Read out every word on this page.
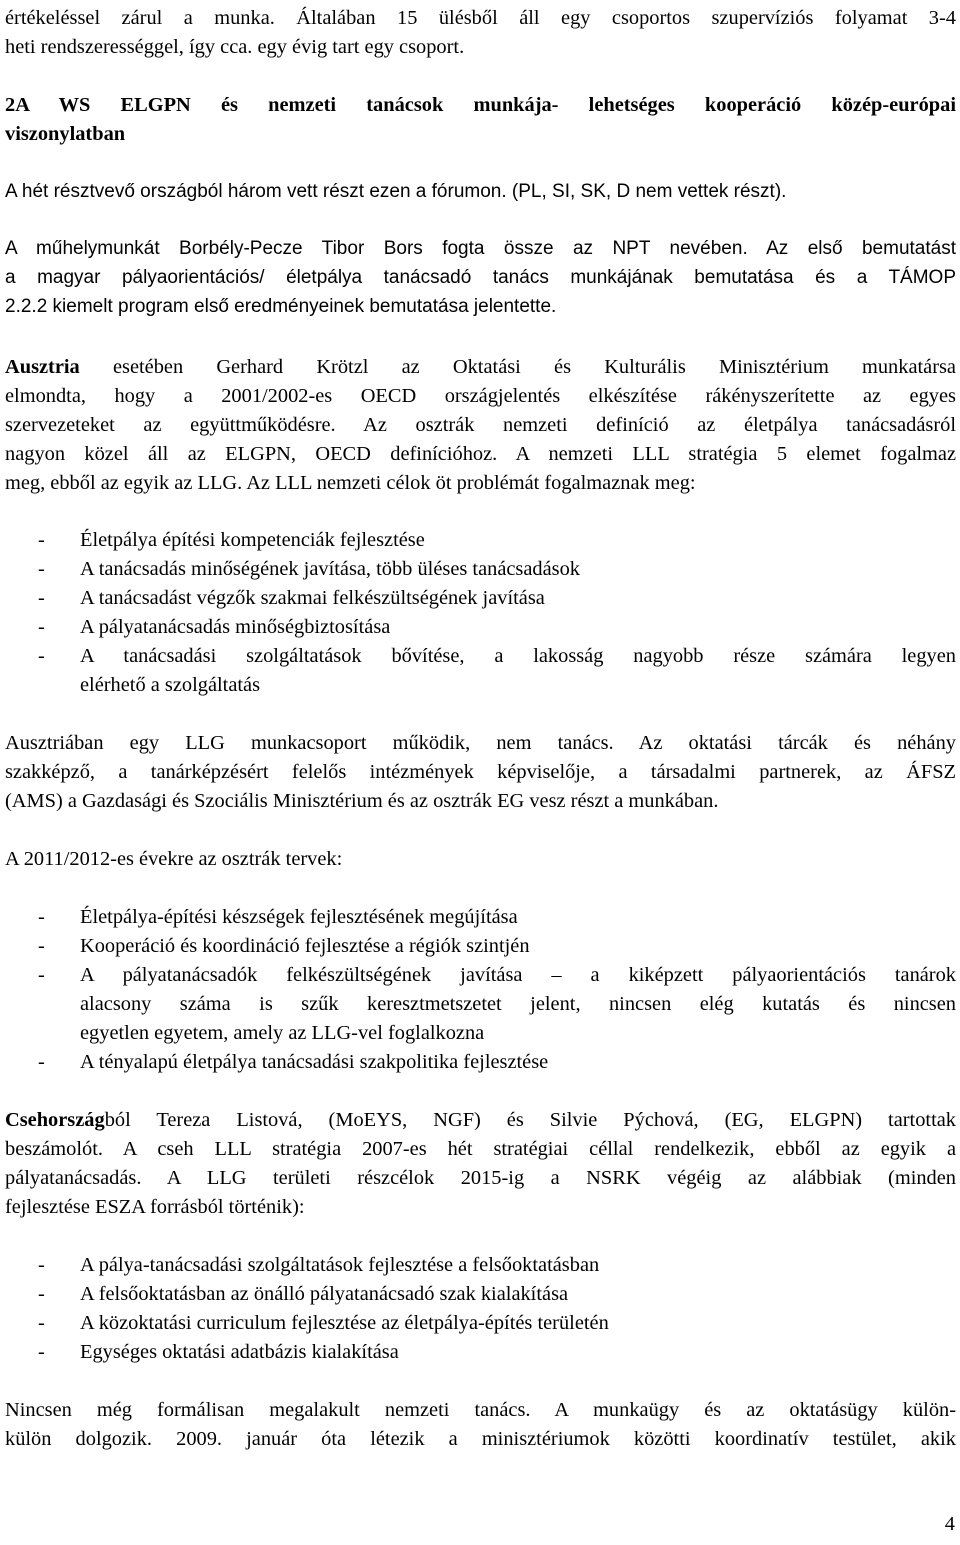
értékeléssel zárul a munka. Általában 15 ülésből áll egy csoportos szupervíziós folyamat 3-4
heti rendszerességgel, így cca. egy évig tart egy csoport.
2A WS ELGPN és nemzeti tanácsok munkája- lehetséges kooperáció közép-európai
viszonylatban
A hét résztvevő országból három vett részt ezen a fórumon. (PL, SI, SK, D nem vettek részt).
A műhelymunkát Borbély-Pecze Tibor Bors fogta össze az NPT nevében. Az első bemutatást
a magyar pályaorientációs/ életpálya tanácsadó tanács munkájának bemutatása és a TÁMOP
2.2.2 kiemelt program első eredményeinek bemutatása jelentette.
Ausztria esetében Gerhard Krötzl az Oktatási és Kulturális Minisztérium munkatársa
elmondta, hogy a 2001/2002-es OECD országjelentés elkészítése rákényszerítette az egyes
szervezeteket az együttműködésre. Az osztrák nemzeti definíció az életpálya tanácsadásról
nagyon közel áll az ELGPN, OECD definícióhoz. A nemzeti LLL stratégia 5 elemet fogalmaz
meg, ebből az egyik az LLG. Az LLL nemzeti célok öt problémát fogalmaznak meg:
- Életpálya építési kompetenciák fejlesztése
- A tanácsadás minőségének javítása, több üléses tanácsadások
- A tanácsadást végzők szakmai felkészültségének javítása
- A pályatanácsadás minőségbiztosítása
- A tanácsadási szolgáltatások bővítése, a lakosság nagyobb része számára legyen
elérhető a szolgáltatás
Ausztriában egy LLG munkacsoport működik, nem tanács. Az oktatási tárcák és néhány
szakképző, a tanárképzésért felelős intézmények képviselője, a társadalmi partnerek, az ÁFSZ
(AMS) a Gazdasági és Szociális Minisztérium és az osztrák EG vesz részt a munkában.
A 2011/2012-es évekre az osztrák tervek:
- Életpálya-építési készségek fejlesztésének megújítása
- Kooperáció és koordináció fejlesztése a régiók szintjén
- A pályatanácsadók felkészültségének javítása – a kiképzett pályaorientációs tanárok
alacsony száma is szűk keresztmetszetet jelent, nincsen elég kutatás és nincsen
egyetlen egyetem, amely az LLG-vel foglalkozna
- A tényalapú életpálya tanácsadási szakpolitika fejlesztése
Csehországból Tereza Listová, (MoEYS, NGF) és Silvie Pýchová, (EG, ELGPN) tartottak
beszámolót. A cseh LLL stratégia 2007-es hét stratégiai céllal rendelkezik, ebből az egyik a
pályatanácsadás. A LLG területi részcélok 2015-ig a NSRK végéig az alábbiak (minden
fejlesztése ESZA forrásból történik):
- A pálya-tanácsadási szolgáltatások fejlesztése a felsőoktatásban
- A felsőoktatásban az önálló pályatanácsadó szak kialakítása
- A közoktatási curriculum fejlesztése az életpálya-építés területén
- Egységes oktatási adatbázis kialakítása
Nincsen még formálisan megalakult nemzeti tanács. A munkaügy és az oktatásügy külön-
külön dolgozik. 2009. január óta létezik a minisztériumok közötti koordinatív testület, akik
4
